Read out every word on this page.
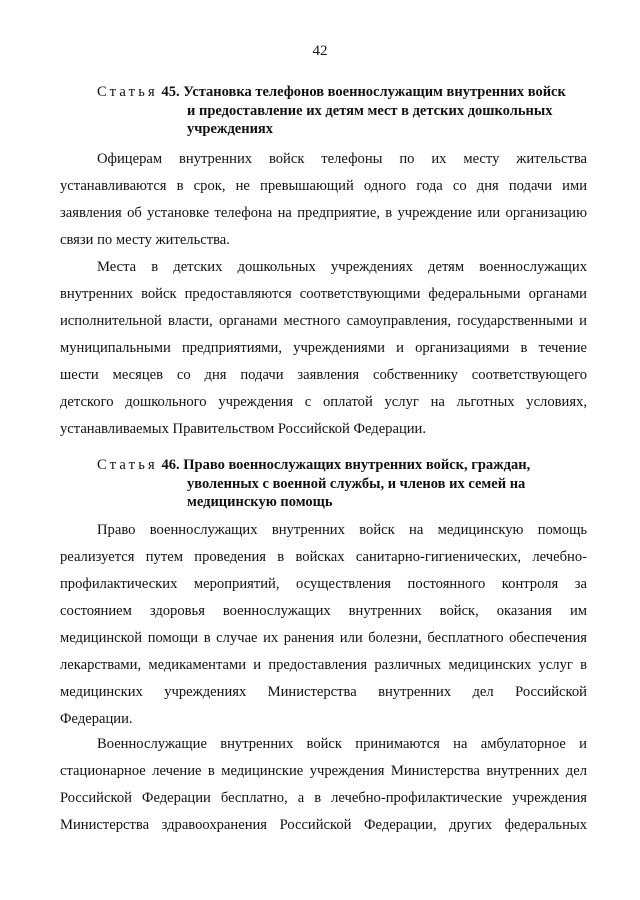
42
Статья 45. Установка телефонов военнослужащим внутренних войск
и предоставление их детям мест в детских дошкольных
учреждениях
Офицерам внутренних войск телефоны по их месту жительства
устанавливаются в срок, не превышающий одного года со дня подачи ими
заявления об установке телефона на предприятие, в учреждение или организацию
связи по месту жительства.
Места в детских дошкольных учреждениях детям военнослужащих
внутренних войск предоставляются соответствующими федеральными органами
исполнительной власти, органами местного самоуправления, государственными и
муниципальными предприятиями, учреждениями и организациями в течение
шести месяцев со дня подачи заявления собственнику соответствующего
детского дошкольного учреждения с оплатой услуг на льготных условиях,
устанавливаемых Правительством Российской Федерации.
Статья 46. Право военнослужащих внутренних войск, граждан,
уволенных с военной службы, и членов их семей на
медицинскую помощь
Право военнослужащих внутренних войск на медицинскую помощь
реализуется путем проведения в войсках санитарно-гигиенических, лечебно-
профилактических мероприятий, осуществления постоянного контроля за
состоянием здоровья военнослужащих внутренних войск, оказания им
медицинской помощи в случае их ранения или болезни, бесплатного обеспечения
лекарствами, медикаментами и предоставления различных медицинских услуг в
медицинских учреждениях Министерства внутренних дел Российской
Федерации.
Военнослужащие внутренних войск принимаются на амбулаторное и
стационарное лечение в медицинские учреждения Министерства внутренних дел
Российской Федерации бесплатно, а в лечебно-профилактические учреждения
Министерства здравоохранения Российской Федерации, других федеральных
